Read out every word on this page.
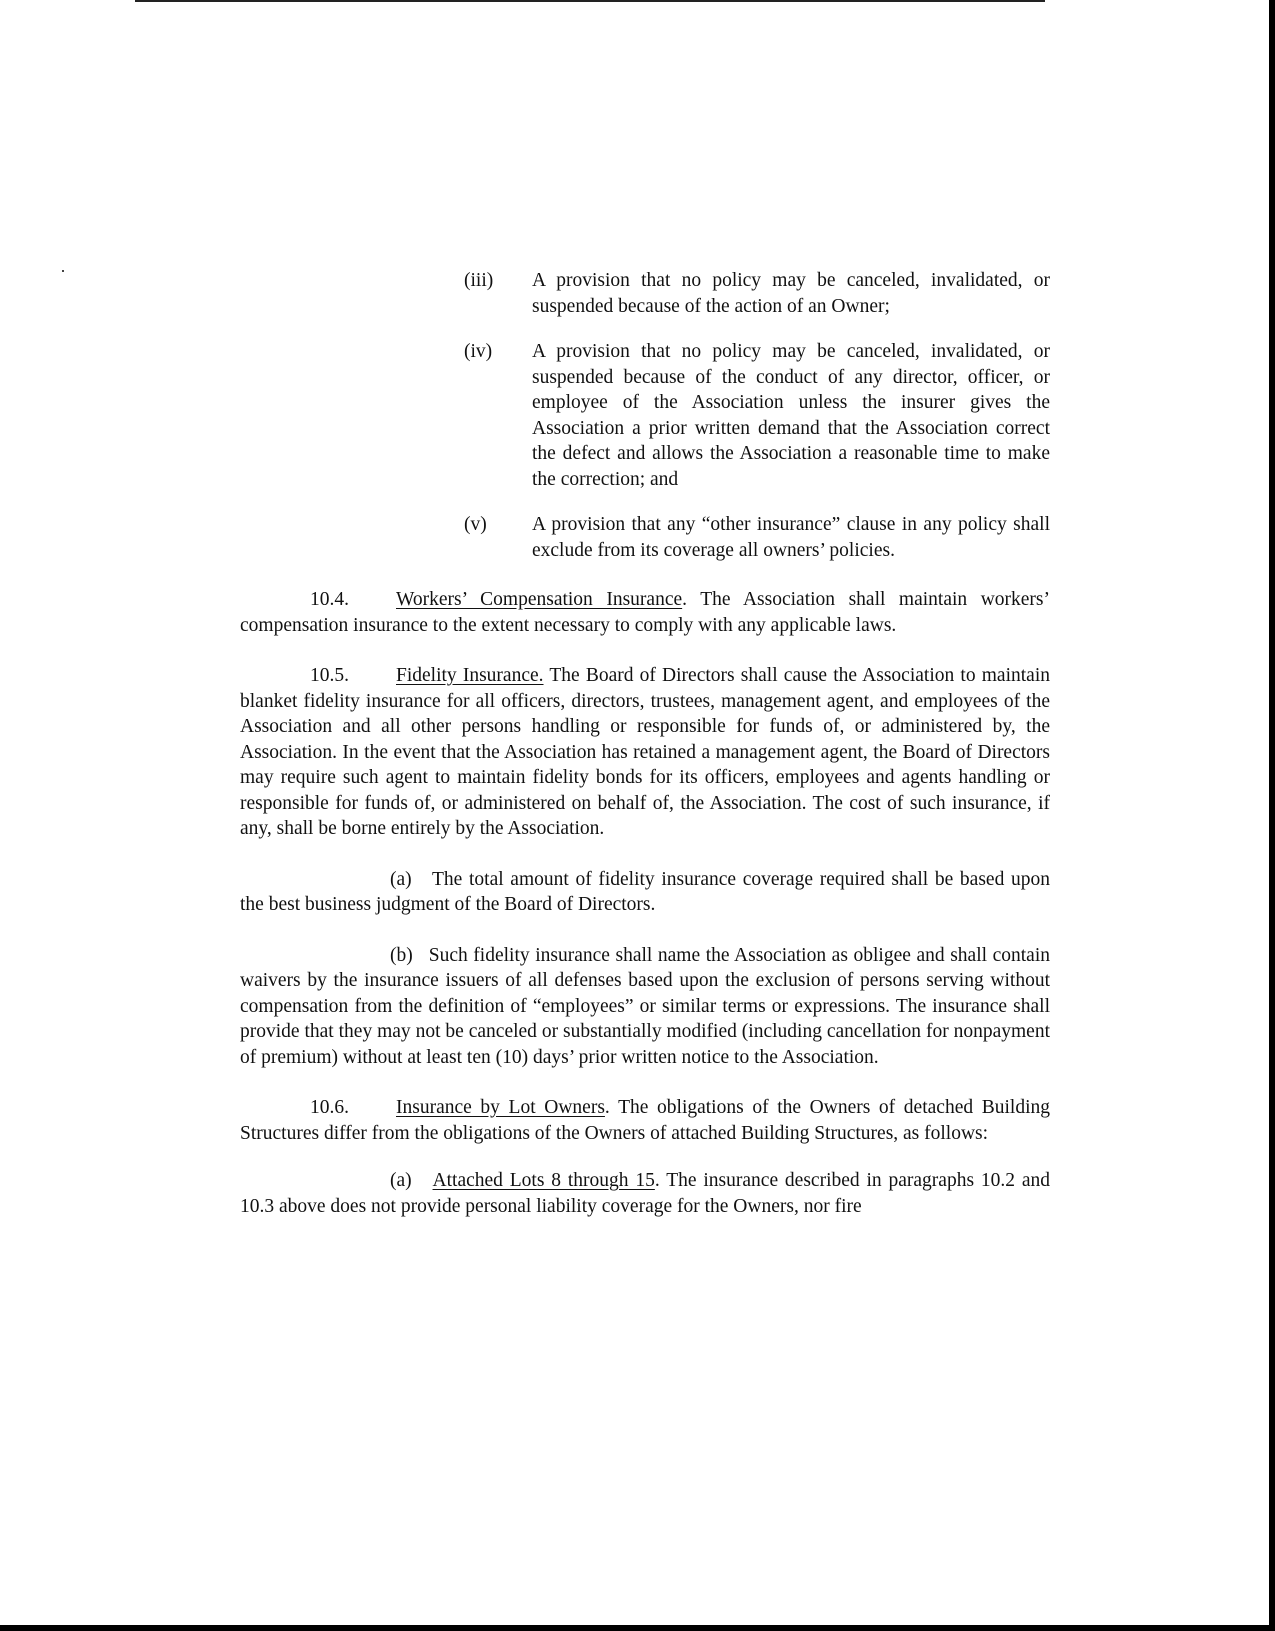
(iii) A provision that no policy may be canceled, invalidated, or suspended because of the action of an Owner;
(iv) A provision that no policy may be canceled, invalidated, or suspended because of the conduct of any director, officer, or employee of the Association unless the insurer gives the Association a prior written demand that the Association correct the defect and allows the Association a reasonable time to make the correction; and
(v) A provision that any “other insurance” clause in any policy shall exclude from its coverage all owners’ policies.

10.4. Workers’ Compensation Insurance. The Association shall maintain workers’ compensation insurance to the extent necessary to comply with any applicable laws.

10.5. Fidelity Insurance. The Board of Directors shall cause the Association to maintain blanket fidelity insurance for all officers, directors, trustees, management agent, and employees of the Association and all other persons handling or responsible for funds of, or administered by, the Association. In the event that the Association has retained a management agent, the Board of Directors may require such agent to maintain fidelity bonds for its officers, employees and agents handling or responsible for funds of, or administered on behalf of, the Association. The cost of such insurance, if any, shall be borne entirely by the Association.

(a) The total amount of fidelity insurance coverage required shall be based upon the best business judgment of the Board of Directors.

(b) Such fidelity insurance shall name the Association as obligee and shall contain waivers by the insurance issuers of all defenses based upon the exclusion of persons serving without compensation from the definition of “employees” or similar terms or expressions. The insurance shall provide that they may not be canceled or substantially modified (including cancellation for nonpayment of premium) without at least ten (10) days’ prior written notice to the Association.

10.6. Insurance by Lot Owners. The obligations of the Owners of detached Building Structures differ from the obligations of the Owners of attached Building Structures, as follows:

(a) Attached Lots 8 through 15. The insurance described in paragraphs 10.2 and 10.3 above does not provide personal liability coverage for the Owners, nor fire
